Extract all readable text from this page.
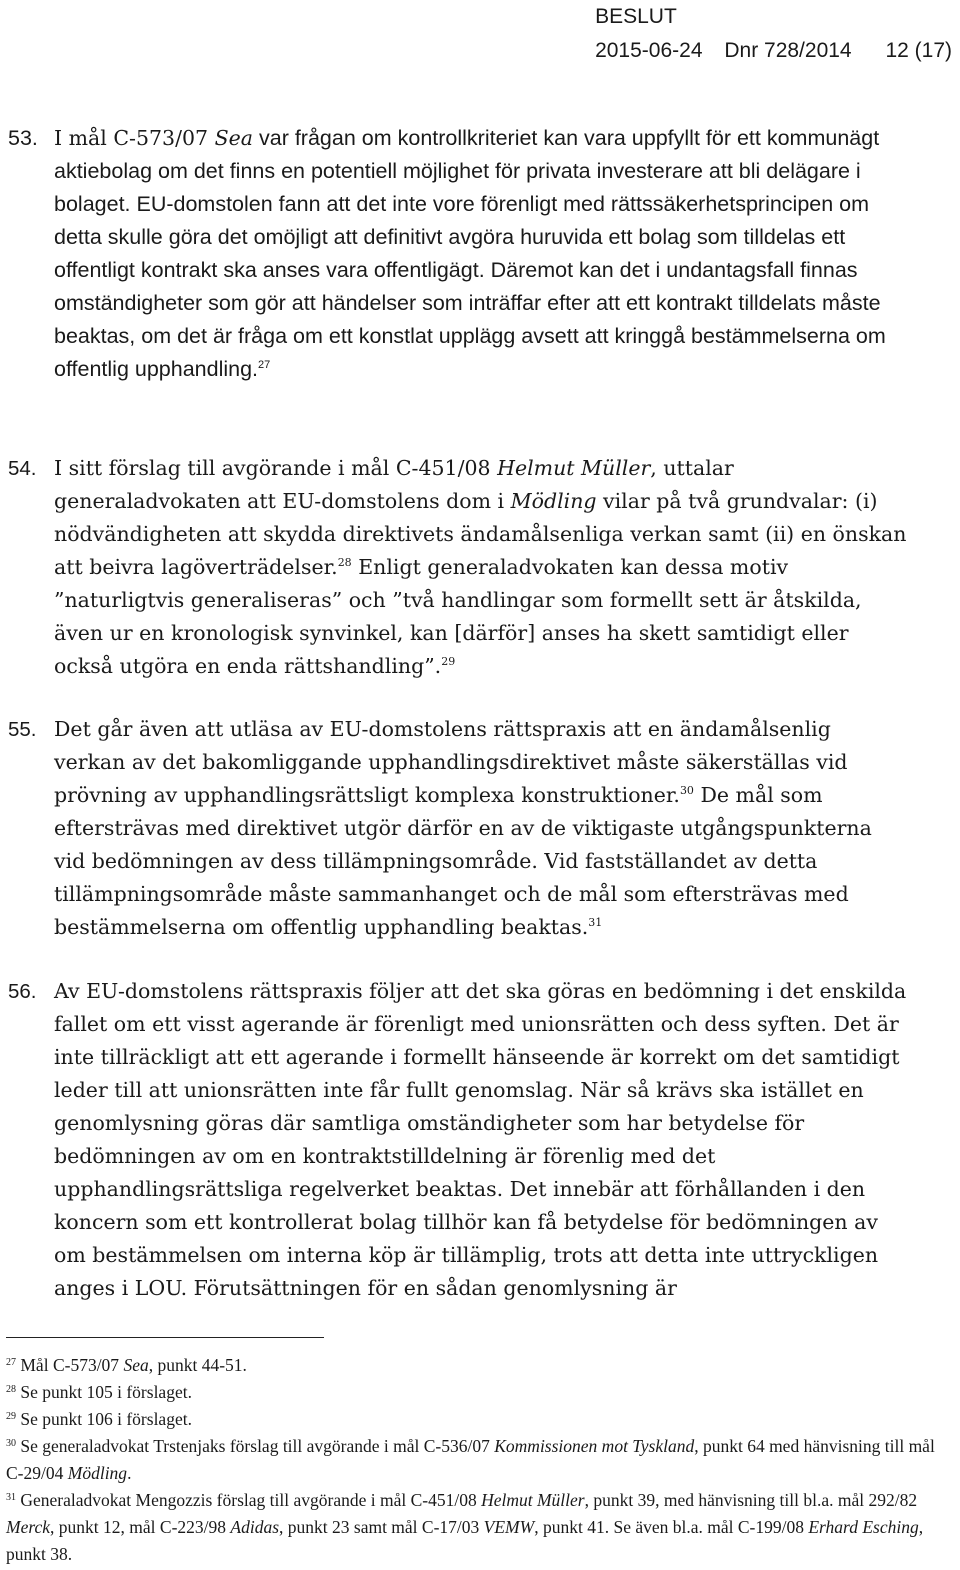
BESLUT
2015-06-24 Dnr 728/2014 12 (17)
53. I mål C-573/07 Sea var frågan om kontrollkriteriet kan vara uppfyllt för ett kommunägt aktiebolag om det finns en potentiell möjlighet för privata investerare att bli delägare i bolaget. EU-domstolen fann att det inte vore förenligt med rättssäkerhetsprincipen om detta skulle göra det omöjligt att definitivt avgöra huruvida ett bolag som tilldelas ett offentligt kontrakt ska anses vara offentligägt. Däremot kan det i undantagsfall finnas omständigheter som gör att händelser som inträffar efter att ett kontrakt tilldelats måste beaktas, om det är fråga om ett konstlat upplägg avsett att kringgå bestämmelserna om offentlig upphandling.$^{27}$
54. I sitt förslag till avgörande i mål C-451/08 Helmut Müller, uttalar generaladvokaten att EU-domstolens dom i Mödling vilar på två grundvalar: (i) nödvändigheten att skydda direktivets ändamålsenliga verkan samt (ii) en önskan att beivra lagöverträdelser.$^{28}$ Enligt generaladvokaten kan dessa motiv ”naturligtvis generaliseras” och ”två handlingar som formellt sett är åtskilda, även ur en kronologisk synvinkel, kan [därför] anses ha skett samtidigt eller också utgöra en enda rättshandling”.$^{29}$
55. Det går även att utläsa av EU-domstolens rättspraxis att en ändamålsenlig verkan av det bakomliggande upphandlingsdirektivet måste säkerställas vid prövning av upphandlingsrättsligt komplexa konstruktioner.$^{30}$ De mål som eftersträvas med direktivet utgör därför en av de viktigaste utgångspunkterna vid bedömningen av dess tillämpningsområde. Vid fastställandet av detta tillämpningsområde måste sammanhanget och de mål som eftersträvas med bestämmelserna om offentlig upphandling beaktas.$^{31}$
56. Av EU-domstolens rättspraxis följer att det ska göras en bedömning i det enskilda fallet om ett visst agerande är förenligt med unionsrätten och dess syften. Det är inte tillräckligt att ett agerande i formellt hänseende är korrekt om det samtidigt leder till att unionsrätten inte får fullt genomslag. När så krävs ska istället en genomlysning göras där samtliga omständigheter som har betydelse för bedömningen av om en kontraktstilldelning är förenlig med det upphandlingsrättsliga regelverket beaktas. Det innebär att förhållanden i den koncern som ett kontrollerat bolag tillhör kan få betydelse för bedömningen av om bestämmelsen om interna köp är tillämplig, trots att detta inte uttryckligen anges i LOU. Förutsättningen för en sådan genomlysning är
$^{27}$ Mål C-573/07 Sea, punkt 44-51.
$^{28}$ Se punkt 105 i förslaget.
$^{29}$ Se punkt 106 i förslaget.
$^{30}$ Se generaladvokat Trstenjaks förslag till avgörande i mål C-536/07 Kommissionen mot Tyskland, punkt 64 med hänvisning till mål C-29/04 Mödling.
$^{31}$ Generaladvokat Mengozzis förslag till avgörande i mål C-451/08 Helmut Müller, punkt 39, med hänvisning till bl.a. mål 292/82 Merck, punkt 12, mål C-223/98 Adidas, punkt 23 samt mål C-17/03 VEMW, punkt 41. Se även bl.a. mål C-199/08 Erhard Esching, punkt 38.
